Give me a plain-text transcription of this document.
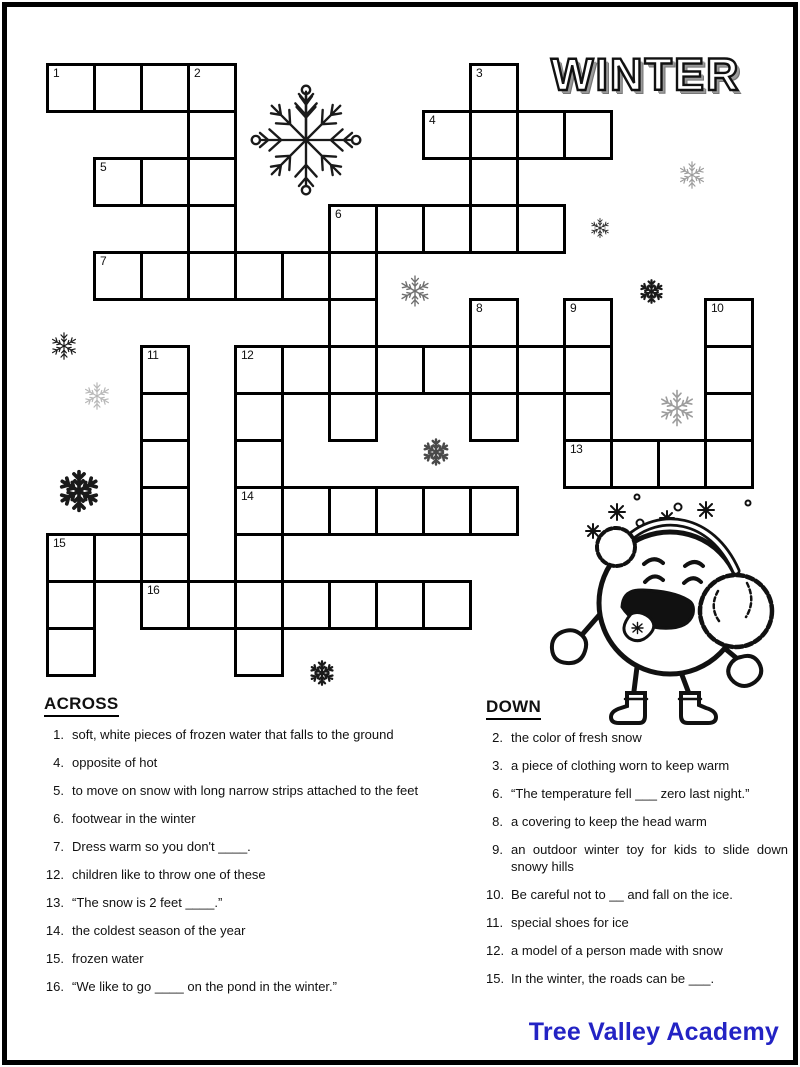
WINTER
1	2	3
4
5
6
7
8	9	10
11	12
13
14
15
16
ACROSS
1. soft, white pieces of frozen water that falls to the ground
4. opposite of hot
5. to move on snow with long narrow strips attached to the feet
6. footwear in the winter
7. Dress warm so you don't ____.
12. children like to throw one of these
13. “The snow is 2 feet ____.”
14. the coldest season of the year
15. frozen water
16. “We like to go ____ on the pond in the winter.”
DOWN
2. the color of fresh snow
3. a piece of clothing worn to keep warm
6. “The temperature fell ___ zero last night.”
8. a covering to keep the head warm
9. an outdoor winter toy for kids to slide down snowy hills
10. Be careful not to __ and fall on the ice.
11. special shoes for ice
12. a model of a person made with snow
15. In the winter, the roads can be ___.
Tree Valley Academy
